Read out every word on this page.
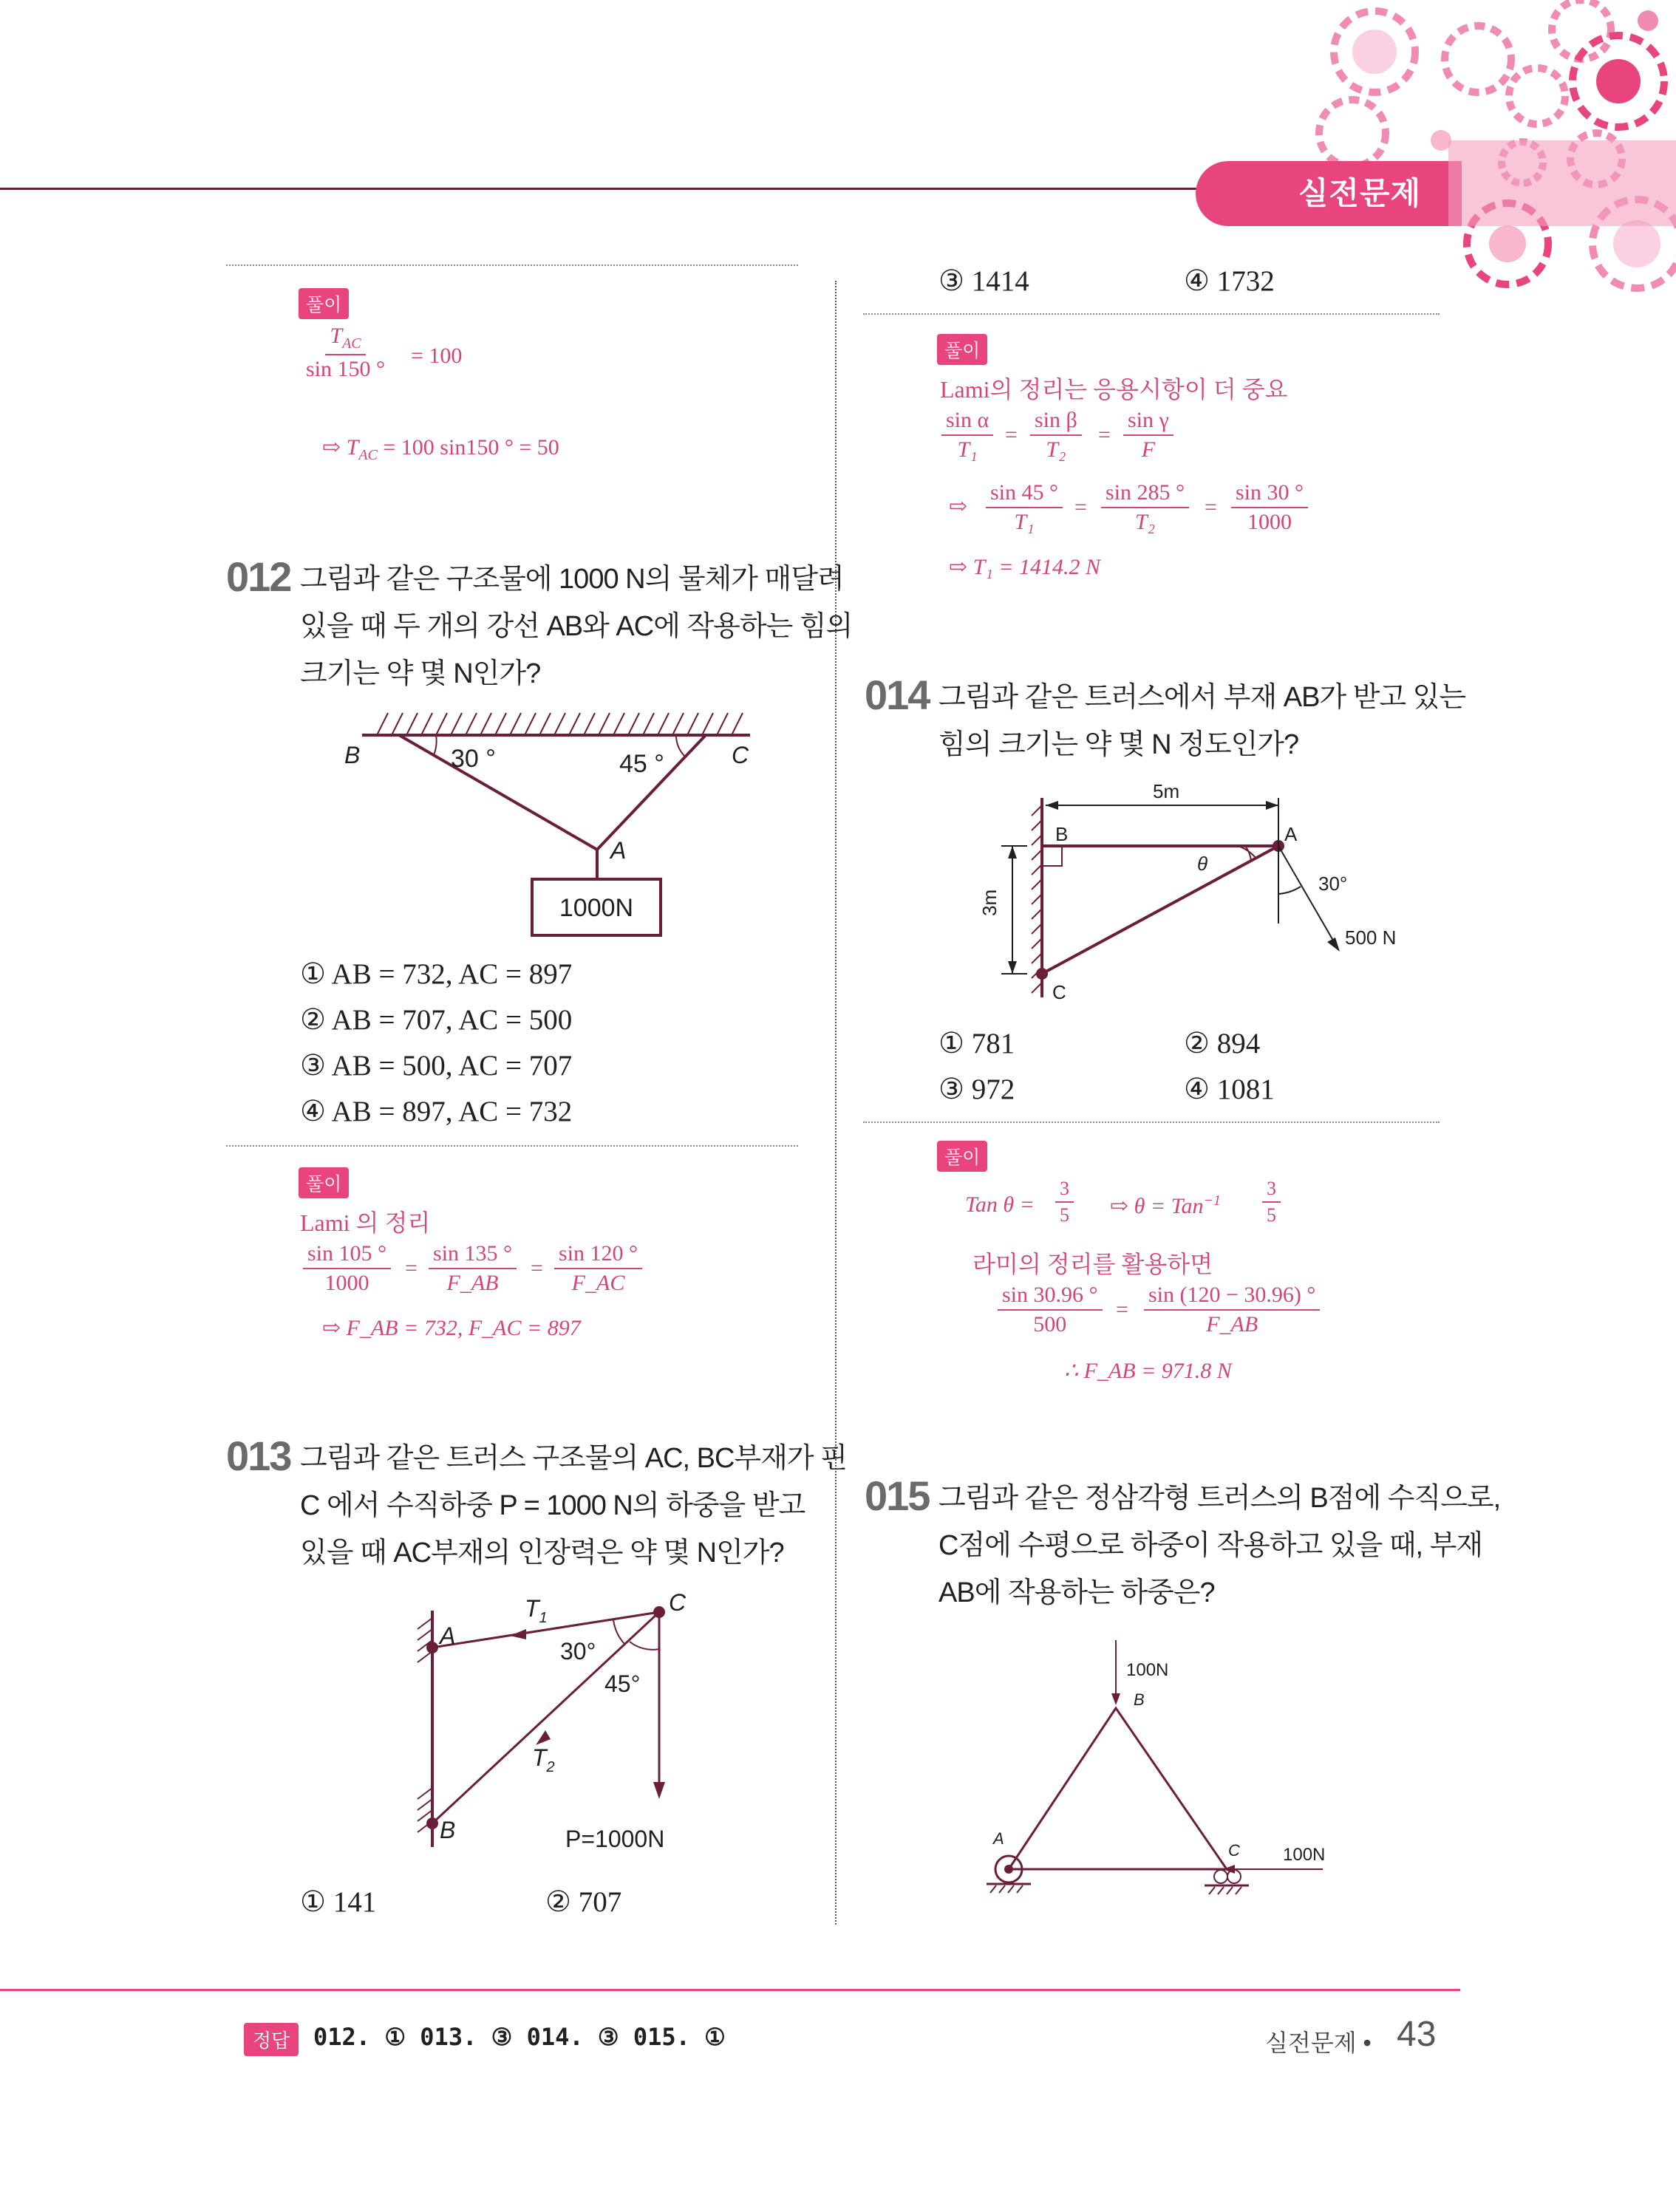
실전문제
풀이
$T_{AC}$
sin 150 °
= 100
⇨ $T_{AC} = 100$ sin150 ° = 50
012 그림과 같은 구조물에 1000 N의 물체가 매달려
있을 때 두 개의 강선 AB와 AC에 작용하는 힘의
크기는 약 몇 N인가?
B	C
A
30 °	45 °
1000N
① AB = 732, AC = 897
② AB = 707, AC = 500
③ AB = 500, AC = 707
④ AB = 897, AC = 732
풀이
Lami 의 정리
$\frac{\sin 105 ^\circ}{1000} = \frac{\sin 135 ^\circ}{F\_AB} = \frac{\sin 120 ^\circ}{F\_AC}$
⇨ F_AB = 732, F_AC = 897
013 그림과 같은 트러스 구조물의 AC, BC부재가 핀
C 에서 수직하중 P = 1000 N의 하중을 받고
있을 때 AC부재의 인장력은 약 몇 N인가?
$T_1$
$T_2$
A
B
C
30°
45°
P=1000N
① 141	② 707
③ 1414	④ 1732
풀이
Lami의 정리는 응용시항이 더 중요
$\frac{\text{sin α}}{\text{T₁}} = \frac{\text{sin β}}{\text{T₂}} = \frac{\text{sin γ}}{F}$
⇨ $\frac{\sin 45 ^\circ}{\text{T₁}} = \frac{\sin 285 ^\circ}{\text{T₂}} = \frac{\sin 30 ^\circ}{1000}$
⇨ T₁ = 1414.2 N
014 그림과 같은 트러스에서 부재 AB가 받고 있는
힘의 크기는 약 몇 N 정도인가?
5m
3m
B	A
C
θ
30°
500 N
① 781	② 894
③ 972	④ 1081
풀이
Tan $\theta = \frac{3}{5}$ ⇨ $\theta = Tan^{-1} \frac{3}{5}$
라미의 정리를 활용하면
$\frac{\sin 30.96 ^\circ}{500} = \frac{\sin (120 - 30.96) ^\circ}{F\_AB}$
∴ F_AB = 971.8 N
015 그림과 같은 정삼각형 트러스의 B점에 수직으로,
C점에 수평으로 하중이 작용하고 있을 때, 부재
AB에 작용하는 하중은?
100N
B
A
C 100N
정답 012. ① 013. ③ 014. ③ 015. ①	실전문제 • 43
